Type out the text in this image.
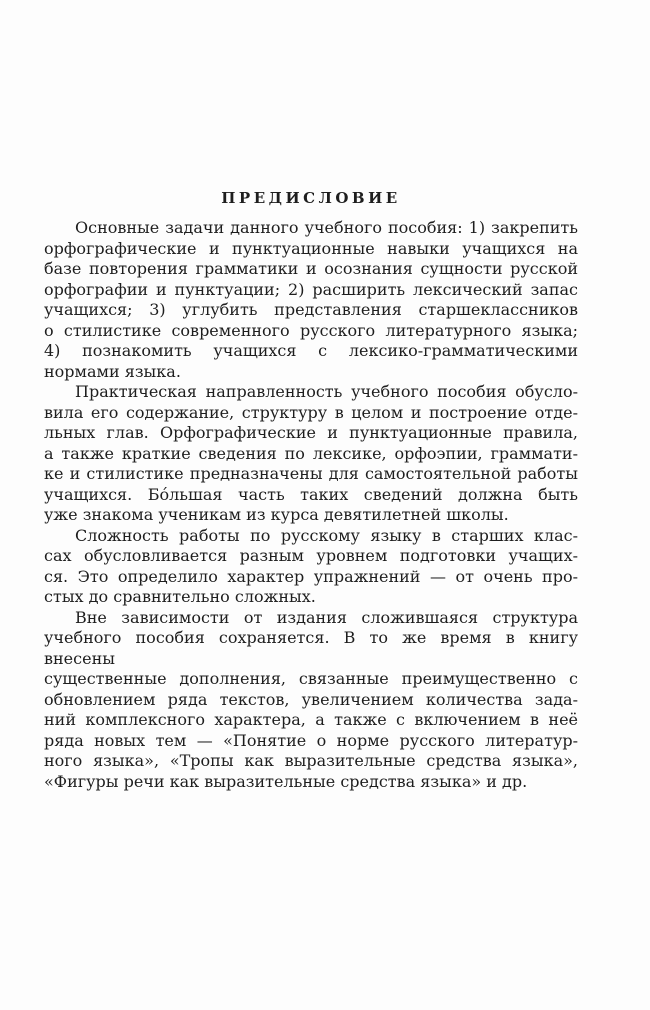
ПРЕДИСЛОВИЕ
Основные задачи данного учебного пособия: 1) закрепить
орфографические и пунктуационные навыки учащихся на
базе повторения грамматики и осознания сущности русской
орфографии и пунктуации; 2) расширить лексический запас
учащихся; 3) углубить представления старшеклассников
о стилистике современного русского литературного языка;
4) познакомить учащихся с лексико-грамматическими
нормами языка.
Практическая направленность учебного пособия обусло-
вила его содержание, структуру в целом и построение отде-
льных глав. Орфографические и пунктуационные правила,
а также краткие сведения по лексике, орфоэпии, граммати-
ке и стилистике предназначены для самостоятельной работы
учащихся. Бо́льшая часть таких сведений должна быть
уже знакома ученикам из курса девятилетней школы.
Сложность работы по русскому языку в старших клас-
сах обусловливается разным уровнем подготовки учащих-
ся. Это определило характер упражнений — от очень про-
стых до сравнительно сложных.
Вне зависимости от издания сложившаяся структура
учебного пособия сохраняется. В то же время в книгу внесены
существенные дополнения, связанные преимущественно с
обновлением ряда текстов, увеличением количества зада-
ний комплексного характера, а также с включением в неё
ряда новых тем — «Понятие о норме русского литератур-
ного языка», «Тропы как выразительные средства языка»,
«Фигуры речи как выразительные средства языка» и др.
